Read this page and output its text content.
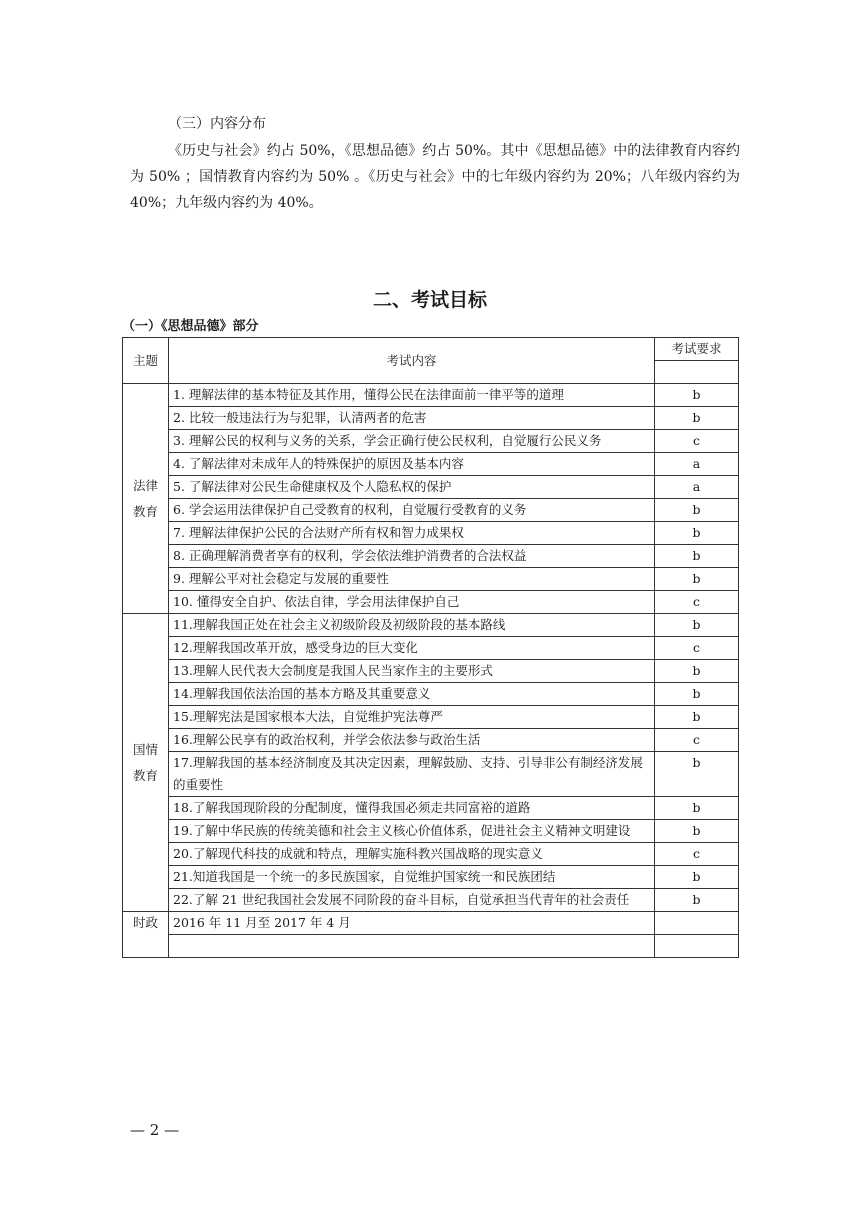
（三）内容分布

《历史与社会》约占 50%，《思想品德》约占 50%。其中《思想品德》中的法律教育内容约为 50% ；国情教育内容约为 50% 。《历史与社会》中的七年级内容约为 20%；八年级内容约为 40%；九年级内容约为 40%。

二、考试目标
（一）《思想品德》部分
主题	考试内容	考试要求

法律
教育	1. 理解法律的基本特征及其作用，懂得公民在法律面前一律平等的道理	b
	2. 比较一般违法行为与犯罪，认清两者的危害	b
	3. 理解公民的权利与义务的关系，学会正确行使公民权利，自觉履行公民义务	c
	4. 了解法律对未成年人的特殊保护的原因及基本内容	a
	5. 了解法律对公民生命健康权及个人隐私权的保护	a
	6. 学会运用法律保护自己受教育的权利，自觉履行受教育的义务	b
	7. 理解法律保护公民的合法财产所有权和智力成果权	b
	8. 正确理解消费者享有的权利，学会依法维护消费者的合法权益	b
	9. 理解公平对社会稳定与发展的重要性	b
	10. 懂得安全自护、依法自律，学会用法律保护自己	c

国情
教育	11.理解我国正处在社会主义初级阶段及初级阶段的基本路线	b
	12.理解我国改革开放，感受身边的巨大变化	c
	13.理解人民代表大会制度是我国人民当家作主的主要形式	b
	14.理解我国依法治国的基本方略及其重要意义	b
	15.理解宪法是国家根本大法，自觉维护宪法尊严	b
	16.理解公民享有的政治权利，并学会依法参与政治生活	c
	17.理解我国的基本经济制度及其决定因素，理解鼓励、支持、引导非公有制经济发展的重要性	b
	18.了解我国现阶段的分配制度，懂得我国必须走共同富裕的道路	b
	19.了解中华民族的传统美德和社会主义核心价值体系，促进社会主义精神文明建设	b
	20.了解现代科技的成就和特点，理解实施科教兴国战略的现实意义	c
	21.知道我国是一个统一的多民族国家，自觉维护国家统一和民族团结	b
	22.了解 21 世纪我国社会发展不同阶段的奋斗目标，自觉承担当代青年的社会责任	b
时政	2016 年 11 月至 2017 年 4 月	

— 2 —
